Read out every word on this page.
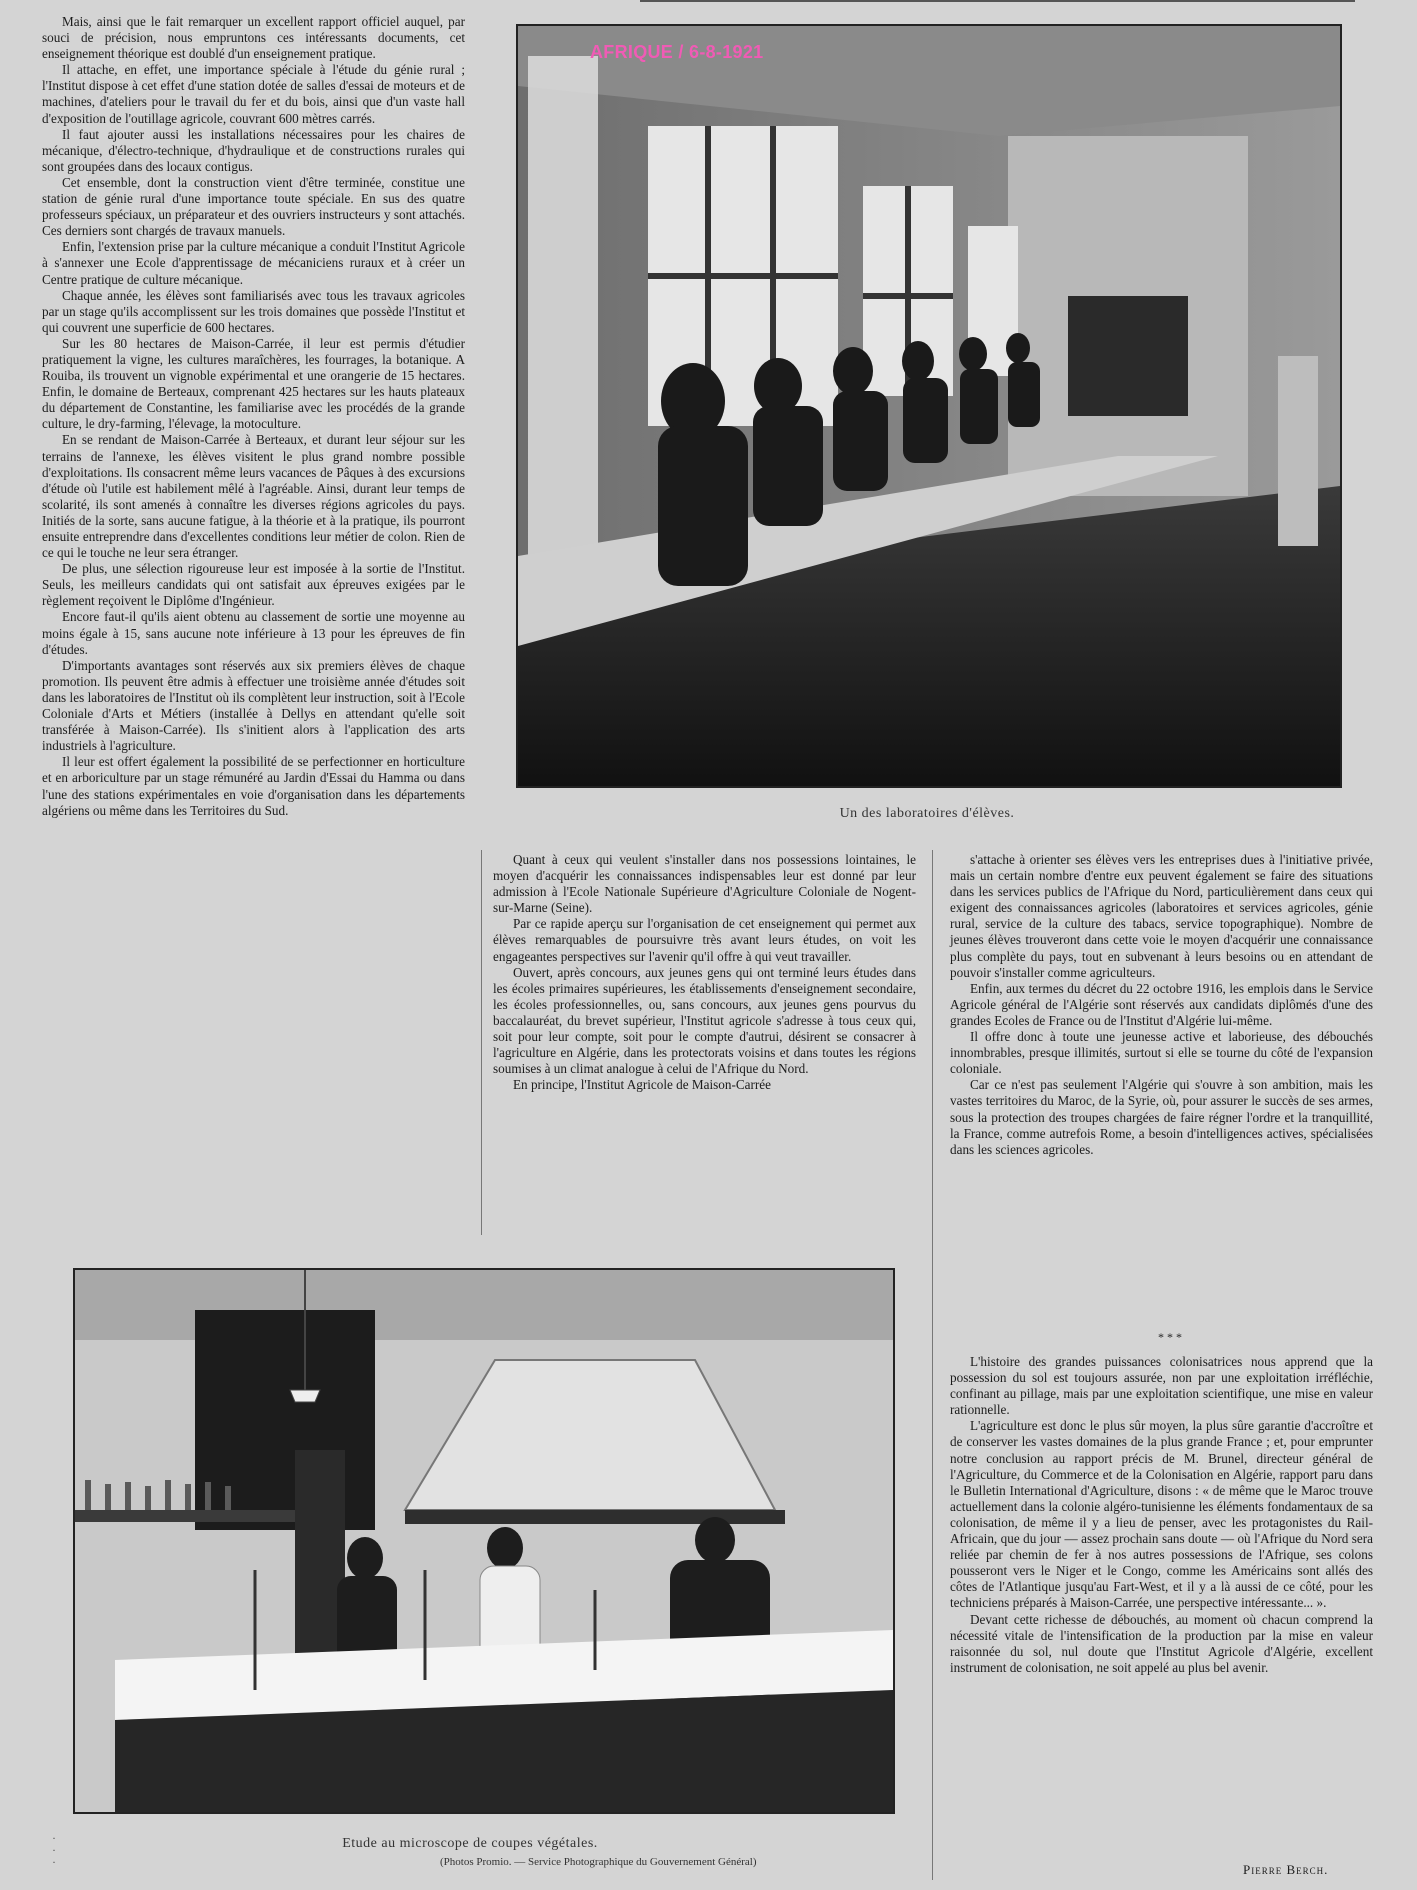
Mais, ainsi que le fait remarquer un excellent rapport officiel auquel, par souci de précision, nous empruntons ces intéressants documents, cet enseignement théorique est doublé d'un enseignement pratique.

Il attache, en effet, une importance spéciale à l'étude du génie rural ; l'Institut dispose à cet effet d'une station dotée de salles d'essai de moteurs et de machines, d'ateliers pour le travail du fer et du bois, ainsi que d'un vaste hall d'exposition de l'outillage agricole, couvrant 600 mètres carrés.

Il faut ajouter aussi les installations nécessaires pour les chaires de mécanique, d'électro-technique, d'hydraulique et de constructions rurales qui sont groupées dans des locaux contigus.

Cet ensemble, dont la construction vient d'être terminée, constitue une station de génie rural d'une importance toute spéciale. En sus des quatre professeurs spéciaux, un préparateur et des ouvriers instructeurs y sont attachés. Ces derniers sont chargés de travaux manuels.

Enfin, l'extension prise par la culture mécanique a conduit l'Institut Agricole à s'annexer une Ecole d'apprentissage de mécaniciens ruraux et à créer un Centre pratique de culture mécanique.

Chaque année, les élèves sont familiarisés avec tous les travaux agricoles par un stage qu'ils accomplissent sur les trois domaines que possède l'Institut et qui couvrent une superficie de 600 hectares.

Sur les 80 hectares de Maison-Carrée, il leur est permis d'étudier pratiquement la vigne, les cultures maraîchères, les fourrages, la botanique. A Rouiba, ils trouvent un vignoble expérimental et une orangerie de 15 hectares. Enfin, le domaine de Berteaux, comprenant 425 hectares sur les hauts plateaux du département de Constantine, les familiarise avec les procédés de la grande culture, le dry-farming, l'élevage, la motoculture.

En se rendant de Maison-Carrée à Berteaux, et durant leur séjour sur les terrains de l'annexe, les élèves visitent le plus grand nombre possible d'exploitations. Ils consacrent même leurs vacances de Pâques à des excursions d'étude où l'utile est habilement mêlé à l'agréable. Ainsi, durant leur temps de scolarité, ils sont amenés à connaître les diverses régions agricoles du pays. Initiés de la sorte, sans aucune fatigue, à la théorie et à la pratique, ils pourront ensuite entreprendre dans d'excellentes conditions leur métier de colon. Rien de ce qui le touche ne leur sera étranger.

De plus, une sélection rigoureuse leur est imposée à la sortie de l'Institut. Seuls, les meilleurs candidats qui ont satisfait aux épreuves exigées par le règlement reçoivent le Diplôme d'Ingénieur.

Encore faut-il qu'ils aient obtenu au classement de sortie une moyenne au moins égale à 15, sans aucune note inférieure à 13 pour les épreuves de fin d'études.

D'importants avantages sont réservés aux six premiers élèves de chaque promotion. Ils peuvent être admis à effectuer une troisième année d'études soit dans les laboratoires de l'Institut où ils complètent leur instruction, soit à l'Ecole Coloniale d'Arts et Métiers (installée à Dellys en attendant qu'elle soit transférée à Maison-Carrée). Ils s'initient alors à l'application des arts industriels à l'agriculture.

Il leur est offert également la possibilité de se perfectionner en horticulture et en arboriculture par un stage rémunéré au Jardin d'Essai du Hamma ou dans l'une des stations expérimentales en voie d'organisation dans les départements algériens ou même dans les Territoires du Sud.	Un des laboratoires d'élèves.

Quant à ceux qui veulent s'installer dans nos possessions lointaines, le moyen d'acquérir les connaissances indispensables leur est donné par leur admission à l'Ecole Nationale Supérieure d'Agriculture Coloniale de Nogent-sur-Marne (Seine).

Par ce rapide aperçu sur l'organisation de cet enseignement qui permet aux élèves remarquables de poursuivre très avant leurs études, on voit les engageantes perspectives sur l'avenir qu'il offre à qui veut travailler.

Ouvert, après concours, aux jeunes gens qui ont terminé leurs études dans les écoles primaires supérieures, les établissements d'enseignement secondaire, les écoles professionnelles, ou, sans concours, aux jeunes gens pourvus du baccalauréat, du brevet supérieur, l'Institut agricole s'adresse à tous ceux qui, soit pour leur compte, soit pour le compte d'autrui, désirent se consacrer à l'agriculture en Algérie, dans les protectorats voisins et dans toutes les régions soumises à un climat analogue à celui de l'Afrique du Nord.

En principe, l'Institut Agricole de Maison-Carrée

s'attache à orienter ses élèves vers les entreprises dues à l'initiative privée, mais un certain nombre d'entre eux peuvent également se faire des situations dans les services publics de l'Afrique du Nord, particulièrement dans ceux qui exigent des connaissances agricoles (laboratoires et services agricoles, génie rural, service de la culture des tabacs, service topographique). Nombre de jeunes élèves trouveront dans cette voie le moyen d'acquérir une connaissance plus complète du pays, tout en subvenant à leurs besoins ou en attendant de pouvoir s'installer comme agriculteurs.

Enfin, aux termes du décret du 22 octobre 1916, les emplois dans le Service Agricole général de l'Algérie sont réservés aux candidats diplômés d'une des grandes Ecoles de France ou de l'Institut d'Algérie lui-même.

Il offre donc à toute une jeunesse active et laborieuse, des débouchés innombrables, presque illimités, surtout si elle se tourne du côté de l'expansion coloniale.

Car ce n'est pas seulement l'Algérie qui s'ouvre à son ambition, mais les vastes territoires du Maroc, de la Syrie, où, pour assurer le succès de ses armes, sous la protection des troupes chargées de faire régner l'ordre et la tranquillité, la France, comme autrefois Rome, a besoin d'intelligences actives, spécialisées dans les sciences agricoles.

* * *

L'histoire des grandes puissances colonisatrices nous apprend que la possession du sol est toujours assurée, non par une exploitation irréfléchie, confinant au pillage, mais par une exploitation scientifique, une mise en valeur rationnelle.

L'agriculture est donc le plus sûr moyen, la plus sûre garantie d'accroître et de conserver les vastes domaines de la plus grande France ; et, pour emprunter notre conclusion au rapport précis de M. Brunel, directeur général de l'Agriculture, du Commerce et de la Colonisation en Algérie, rapport paru dans le Bulletin International d'Agriculture, disons : « de même que le Maroc trouve actuellement dans la colonie algéro-tunisienne les éléments fondamentaux de sa colonisation, de même il y a lieu de penser, avec les protagonistes du Rail-Africain, que du jour — assez prochain sans doute — où l'Afrique du Nord sera reliée par chemin de fer à nos autres possessions de l'Afrique, ses colons pousseront vers le Niger et le Congo, comme les Américains sont allés des côtes de l'Atlantique jusqu'au Fart-West, et il y a là aussi de ce côté, pour les techniciens préparés à Maison-Carrée, une perspective intéressante... ».

Devant cette richesse de débouchés, au moment où chacun comprend la nécessité vitale de l'intensification de la production par la mise en valeur raisonnée du sol, nul doute que l'Institut Agricole d'Algérie, excellent instrument de colonisation, ne soit appelé au plus bel avenir.

Pierre Berch.
Etude au microscope de coupes végétales.
(Photos Promio. — Service Photographique du Gouvernement Général)
AFRIQUE / 6-8-1921
·
·
·
